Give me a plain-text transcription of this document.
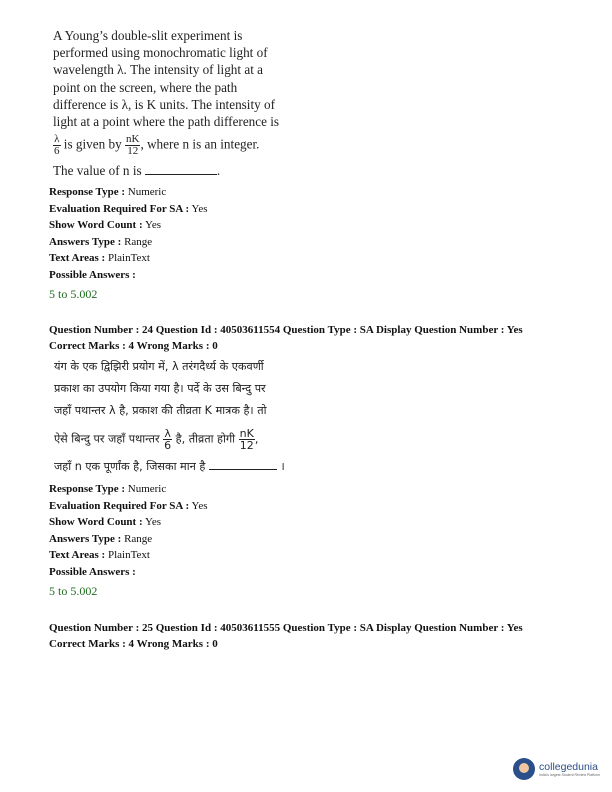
A Young’s double-slit experiment is
performed using monochromatic light of
wavelength λ. The intensity of light at a
point on the screen, where the path
difference is λ, is K units. The intensity of
light at a point where the path difference is
$\frac{\lambda}{6}$ is given by $\frac{nK}{12}$ , where n is an integer.
The value of n is	.
Response Type : Numeric
Evaluation Required For SA : Yes
Show Word Count : Yes
Answers Type : Range
Text Areas : PlainText
Possible Answers :
5 to 5.002
Question Number : 24 Question Id : 40503611554 Question Type : SA Display Question Number : Yes
Correct Marks : 4 Wrong Marks : 0
यंग के एक द्विझिरी प्रयोग में, λ तरंगदैर्ध्य के एकवर्णी
प्रकाश का उपयोग किया गया है। पर्दे के उस बिन्दु पर
जहाँ पथान्तर λ है, प्रकाश की तीव्रता K मात्रक है। तो
ऐसे बिन्दु पर जहाँ पथान्तर $\frac{\lambda}{6}$ है, तीव्रता होगी $\frac{nK}{12}$ ,
जहाँ n एक पूर्णांक है, जिसका मान है	।
Response Type : Numeric
Evaluation Required For SA : Yes
Show Word Count : Yes
Answers Type : Range
Text Areas : PlainText
Possible Answers :
5 to 5.002
Question Number : 25 Question Id : 40503611555 Question Type : SA Display Question Number : Yes
Correct Marks : 4 Wrong Marks : 0
collegedunia
India's largest Student Review Platform
